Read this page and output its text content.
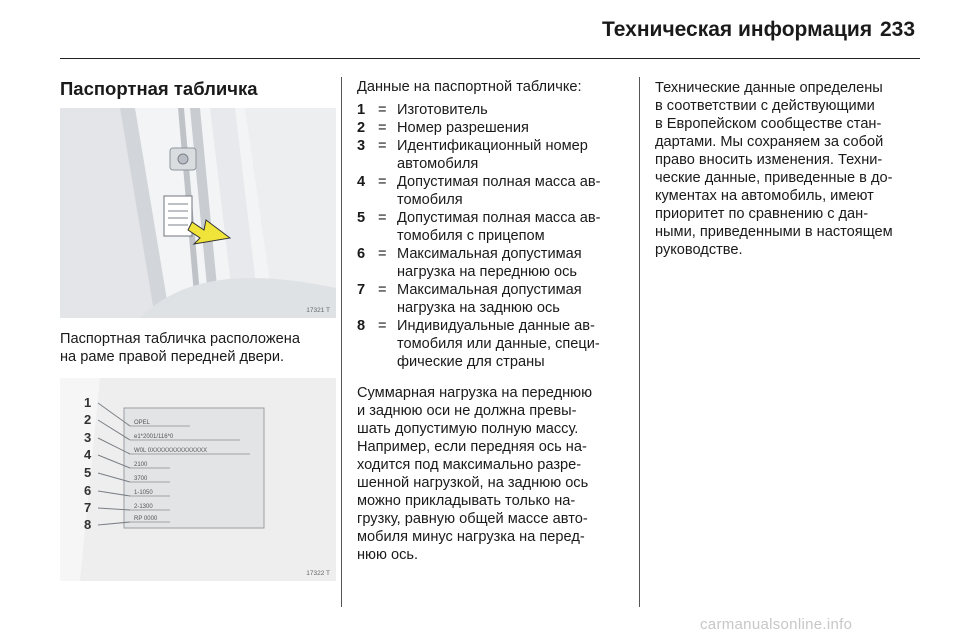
Техническая информация 233
Паспортная табличка
17321 T
Паспортная табличка расположена
на раме правой передней двери.
1
2
3
4
5
6
7
8
OPEL
e1*2001/116*0
W0L 0XXXXXXXXXXXXXX
2100
3700
1-1050
2-1300
RP 0000
17322 T
Данные на паспортной табличке:
1 = Изготовитель
2 = Номер разрешения
3 = Идентификационный номер
автомобиля
4 = Допустимая полная масса ав-
томобиля
5 = Допустимая полная масса ав-
томобиля с прицепом
6 = Максимальная допустимая
нагрузка на переднюю ось
7 = Максимальная допустимая
нагрузка на заднюю ось
8 = Индивидуальные данные ав-
томобиля или данные, специ-
фические для страны
Суммарная нагрузка на переднюю
и заднюю оси не должна превы-
шать допустимую полную массу.
Например, если передняя ось на-
ходится под максимально разре-
шенной нагрузкой, на заднюю ось
можно прикладывать только на-
грузку, равную общей массе авто-
мобиля минус нагрузка на перед-
нюю ось.
Технические данные определены
в соответствии с действующими
в Европейском сообществе стан-
дартами. Мы сохраняем за собой
право вносить изменения. Техни-
ческие данные, приведенные в до-
кументах на автомобиль, имеют
приоритет по сравнению с дан-
ными, приведенными в настоящем
руководстве.
carmanualsonline.info
